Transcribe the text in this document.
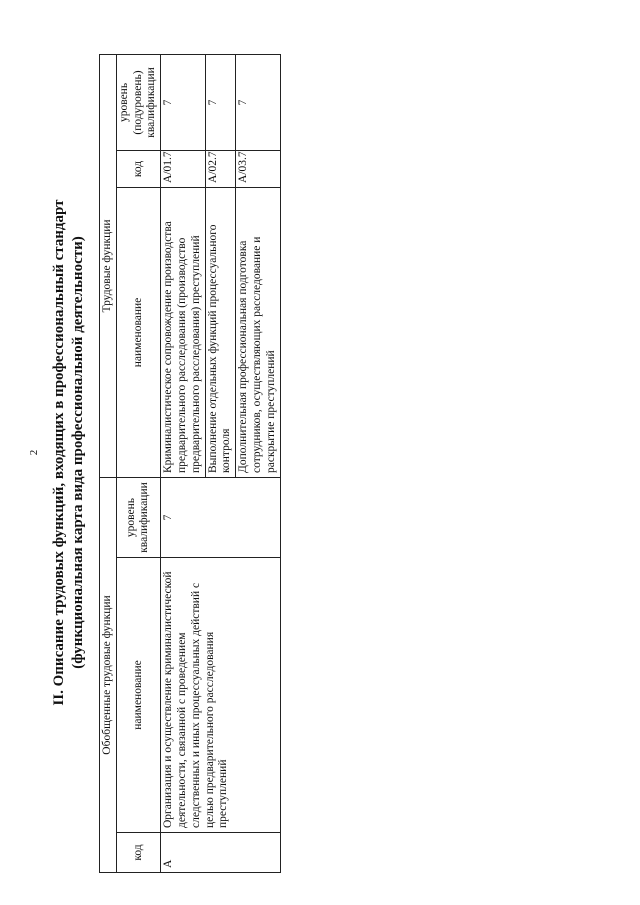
2 II. Описание трудовых функций, входящих в профессиональный стандарт (функциональная карта вида профессиональной деятельности)
Обобщенные трудовые функции			Трудовые функции		
код	наименование	уровень квалификации	наименование	код	уровень (подуровень) квалификации
А	Организация и осуществление криминалистической деятельности, связанной с проведением следственных и иных процессуальных действий с целью предварительного расследования преступлений	7	Криминалистическое сопровождение производства предварительного расследования (производство предварительного расследования) преступлений	А/01.7	7
			Выполнение отдельных функций процессуального контроля	А/02.7	7
			Дополнительная профессиональная подготовка сотрудников, осуществляющих расследование и раскрытие преступлений	А/03.7	7
